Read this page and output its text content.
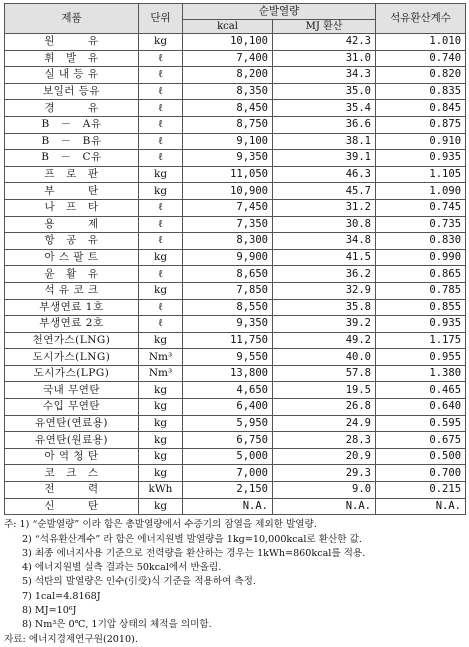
제품	단위	순발열량		석유환산계수
		kcal	MJ 환산	
원　　　유	kg	10,100	42.3	1.010
휘　발　유	ℓ	7,400	31.0	0.740
실 내 등 유	ℓ	8,200	34.3	0.820
보일러 등유	ℓ	8,350	35.0	0.835
경　　　유	ℓ	8,450	35.4	0.845
B　－　A유	ℓ	8,750	36.6	0.875
B　－　B유	ℓ	9,100	38.1	0.910
B　－　C유	ℓ	9,350	39.1	0.935
프　로　판	kg	11,050	46.3	1.105
부　　　탄	kg	10,900	45.7	1.090
나　프　타	ℓ	7,450	31.2	0.745
용　　　제	ℓ	7,350	30.8	0.735
항　공　유	ℓ	8,300	34.8	0.830
아 스 팔 트	kg	9,900	41.5	0.990
윤　활　유	ℓ	8,650	36.2	0.865
석 유 코 크	kg	7,850	32.9	0.785
부생연료 1호	ℓ	8,550	35.8	0.855
부생연료 2호	ℓ	9,350	39.2	0.935
천연가스(LNG)	kg	11,750	49.2	1.175
도시가스(LNG)	Nm³	9,550	40.0	0.955
도시가스(LPG)	Nm³	13,800	57.8	1.380
국내 무연탄	kg	4,650	19.5	0.465
수입 무연탄	kg	6,400	26.8	0.640
유연탄(연료용)	kg	5,950	24.9	0.595
유연탄(원료용)	kg	6,750	28.3	0.675
아 역 청 탄	kg	5,000	20.9	0.500
코　크　스	kg	7,000	29.3	0.700
전　　　력	kWh	2,150	9.0	0.215
신　　　탄	kg	N.A.	N.A.	N.A.
주: 1) “순발열량” 이라 함은 총발열량에서 수증기의 잠열을 제외한 발열량.
2) “석유환산계수” 라 함은 에너지원별 발열량을 1kg=10,000kcal로 환산한 값.
3) 최종 에너지사용 기준으로 전력량을 환산하는 경우는 1kWh=860kcal를 적용.
4) 에너지원별 실측 결과는 50kcal에서 반올림.
5) 석탄의 발열량은 인수(引受)식 기준을 적용하여 측정.
7) 1cal=4.8168J
8) MJ=10⁶J
8) Nm³은 0℃, 1기압 상태의 체적을 의미함.
자료: 에너지경제연구원(2010).
